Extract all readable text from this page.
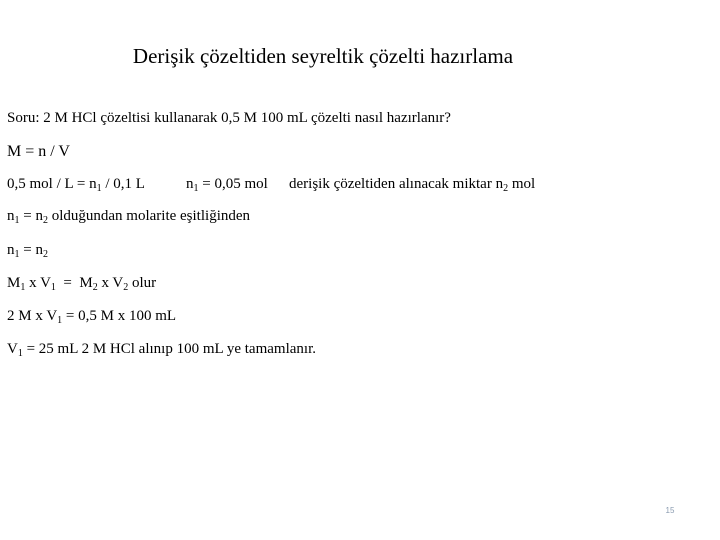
Derişik çözeltiden seyreltik çözelti hazırlama
Soru: 2 M HCl çözeltisi kullanarak 0,5 M 100 mL çözelti nasıl hazırlanır?
M = n / V
0,5 mol / $L = n_1 / 0,1$ L	$n_1 = 0,05$ mol derişik çözeltiden alınacak miktar $n_2$ mol
$n_1 = n_2$ olduğundan molarite eşitliğinden
$n_1 = n_2$
$M_1$ x $V_1 = M_2$ x $V_2$ olur
2 M x $V_1 = 0,5$ M x 100 mL
$V_1 = 25$ mL 2 M HCl alınıp 100 mL ye tamamlanır.
15
